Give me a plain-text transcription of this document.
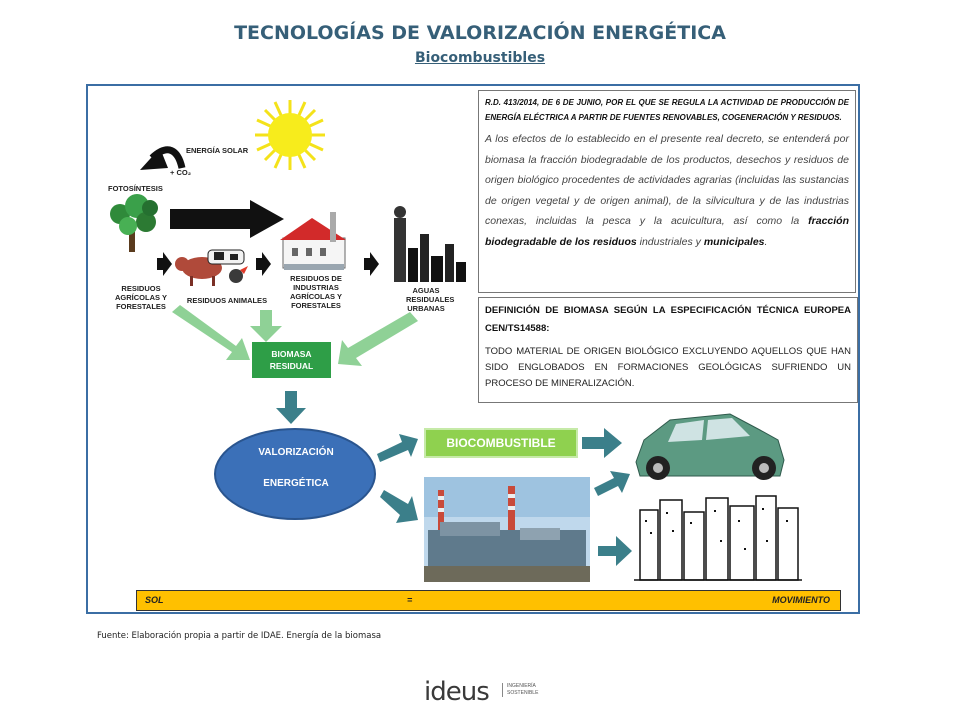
TECNOLOGÍAS DE VALORIZACIÓN ENERGÉTICA
Biocombustibles
ENERGÍA SOLAR
+ CO₂
FOTOSÍNTESIS
RESIDUOS AGRÍCOLAS Y FORESTALES
RESIDUOS ANIMALES
RESIDUOS DE INDUSTRIAS AGRÍCOLAS Y FORESTALES
AGUAS RESIDUALES URBANAS
BIOMASA RESIDUAL
VALORIZACIÓN
ENERGÉTICA
BIOCOMBUSTIBLE
R.D. 413/2014, DE 6 DE JUNIO, POR EL QUE SE REGULA LA ACTIVIDAD DE PRODUCCIÓN DE ENERGÍA ELÉCTRICA A PARTIR DE FUENTES RENOVABLES, COGENERACIÓN Y RESIDUOS.
A los efectos de lo establecido en el presente real decreto, se entenderá por biomasa la fracción biodegradable de los productos, desechos y residuos de origen biológico procedentes de actividades agrarias (incluidas las sustancias de origen vegetal y de origen animal), de la silvicultura y de las industrias conexas, incluidas la pesca y la acuicultura, así como la fracción biodegradable de los residuos industriales y municipales.
DEFINICIÓN DE BIOMASA SEGÚN LA ESPECIFICACIÓN TÉCNICA EUROPEA CEN/TS14588:
TODO MATERIAL DE ORIGEN BIOLÓGICO EXCLUYENDO AQUELLOS QUE HAN SIDO ENGLOBADOS EN FORMACIONES GEOLÓGICAS SUFRIENDO UN PROCESO DE MINERALIZACIÓN.
SOL	=	MOVIMIENTO
Fuente: Elaboración propia a partir de IDAE. Energía de la biomasa
ideus	INGENIERÍA SOSTENIBLE
